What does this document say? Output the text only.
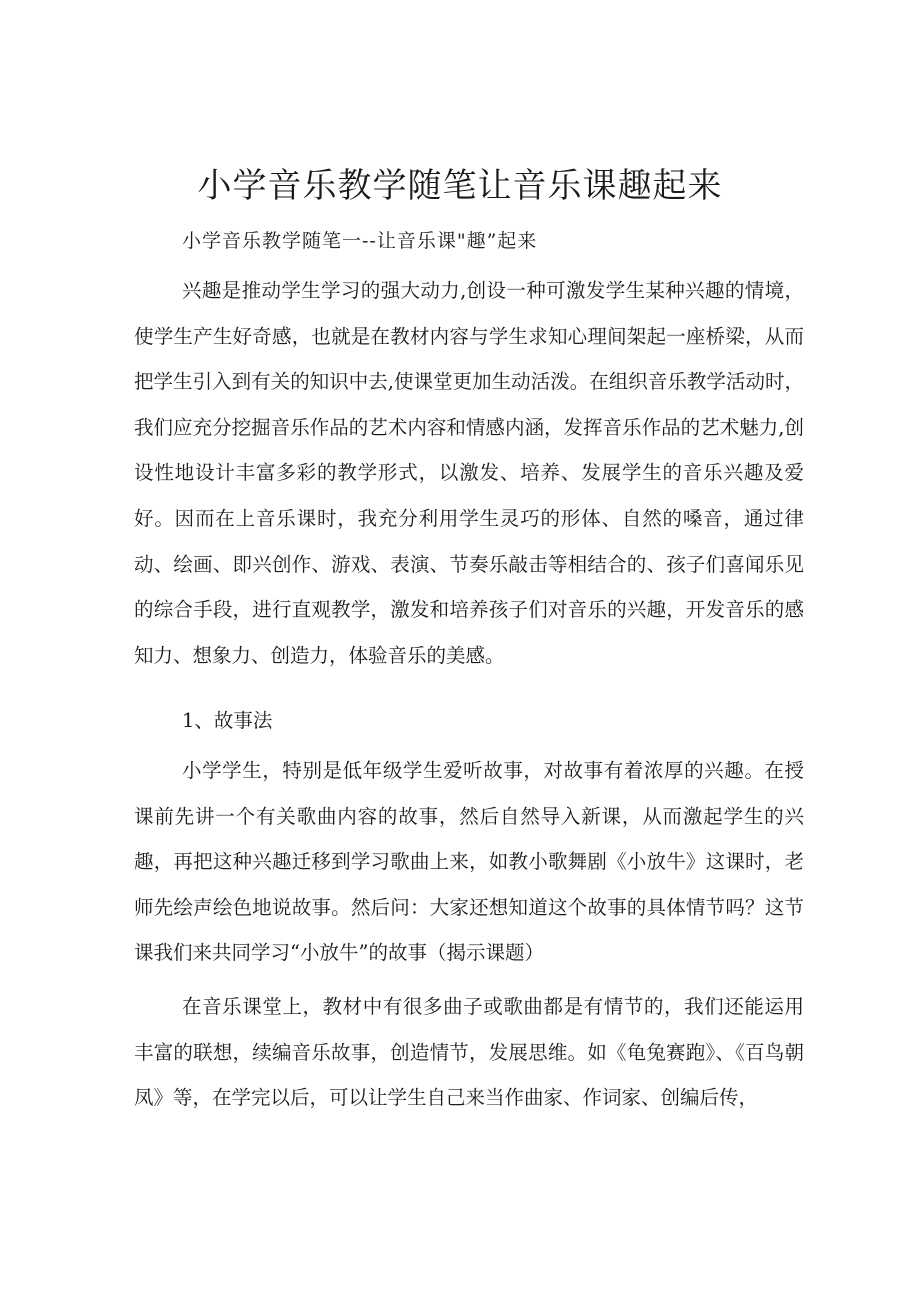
小学音乐教学随笔让音乐课趣起来

小学音乐教学随笔一--让音乐课"趣”起来

兴趣是推动学生学习的强大动力,创设一种可激发学生某种兴趣的情境，使学生产生好奇感，也就是在教材内容与学生求知心理间架起一座桥梁，从而把学生引入到有关的知识中去,使课堂更加生动活泼。在组织音乐教学活动时，我们应充分挖掘音乐作品的艺术内容和情感内涵，发挥音乐作品的艺术魅力,创设性地设计丰富多彩的教学形式，以激发、培养、发展学生的音乐兴趣及爱好。因而在上音乐课时，我充分利用学生灵巧的形体、自然的嗓音，通过律动、绘画、即兴创作、游戏、表演、节奏乐敲击等相结合的、孩子们喜闻乐见的综合手段，进行直观教学，激发和培养孩子们对音乐的兴趣，开发音乐的感知力、想象力、创造力，体验音乐的美感。

1、故事法

小学学生，特别是低年级学生爱听故事，对故事有着浓厚的兴趣。在授课前先讲一个有关歌曲内容的故事，然后自然导入新课，从而激起学生的兴趣，再把这种兴趣迁移到学习歌曲上来，如教小歌舞剧《小放牛》这课时，老师先绘声绘色地说故事。然后问：大家还想知道这个故事的具体情节吗？这节课我们来共同学习“小放牛”的故事（揭示课题）

在音乐课堂上，教材中有很多曲子或歌曲都是有情节的，我们还能运用丰富的联想，续编音乐故事，创造情节，发展思维。如《龟兔赛跑》、《百鸟朝凤》等，在学完以后，可以让学生自己来当作曲家、作词家、创编后传，
